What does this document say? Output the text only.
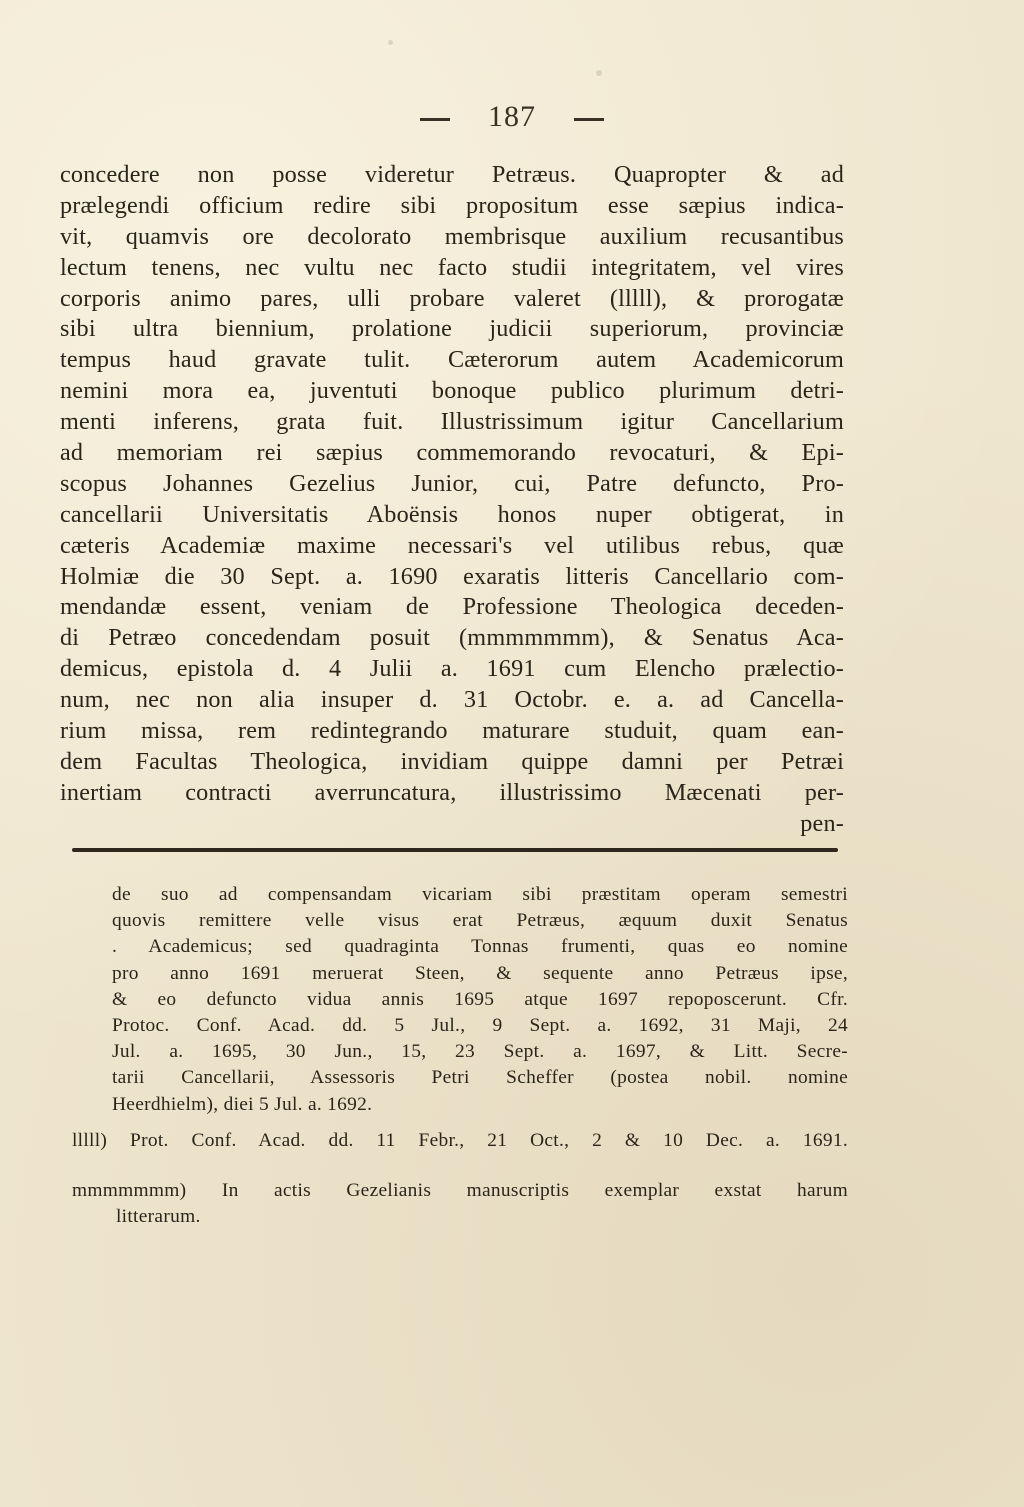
187
concedere non posse videretur Petræus. Quapropter & ad
prælegendi officium redire sibi propositum esse sæpius indica-
vit, quamvis ore decolorato membrisque auxilium recusantibus
lectum tenens, nec vultu nec facto studii integritatem, vel vires
corporis animo pares, ulli probare valeret (lllll), & prorogatæ
sibi ultra biennium, prolatione judicii superiorum, provinciæ
tempus haud gravate tulit. Cæterorum autem Academicorum
nemini mora ea, juventuti bonoque publico plurimum detri-
menti inferens, grata fuit. Illustrissimum igitur Cancellarium
ad memoriam rei sæpius commemorando revocaturi, & Epi-
scopus Johannes Gezelius Junior, cui, Patre defuncto, Pro-
cancellarii Universitatis Aboënsis honos nuper obtigerat, in
cæteris Academiæ maxime necessari's vel utilibus rebus, quæ
Holmiæ die 30 Sept. a. 1690 exaratis litteris Cancellario com-
mendandæ essent, veniam de Professione Theologica deceden-
di Petræo concedendam posuit (mmmmmmm), & Senatus Aca-
demicus, epistola d. 4 Julii a. 1691 cum Elencho prælectio-
num, nec non alia insuper d. 31 Octobr. e. a. ad Cancella-
rium missa, rem redintegrando maturare studuit, quam ean-
dem Facultas Theologica, invidiam quippe damni per Petræi
inertiam contracti averruncatura, illustrissimo Mæcenati per-
pen-
de suo ad compensandam vicariam sibi præstitam operam semestri
quovis remittere velle visus erat Petræus, æquum duxit Senatus
. Academicus; sed quadraginta Tonnas frumenti, quas eo nomine
pro anno 1691 meruerat Steen, & sequente anno Petræus ipse,
& eo defuncto vidua annis 1695 atque 1697 repoposcerunt. Cfr.
Protoc. Conf. Acad. dd. 5 Jul., 9 Sept. a. 1692, 31 Maji, 24
Jul. a. 1695, 30 Jun., 15, 23 Sept. a. 1697, & Litt. Secre-
tarii Cancellarii, Assessoris Petri Scheffer (postea nobil. nomine
Heerdhielm), diei 5 Jul. a. 1692.
lllll) Prot. Conf. Acad. dd. 11 Febr., 21 Oct., 2 & 10 Dec. a. 1691.
mmmmmmm) In actis Gezelianis manuscriptis exemplar exstat harum
litterarum.
